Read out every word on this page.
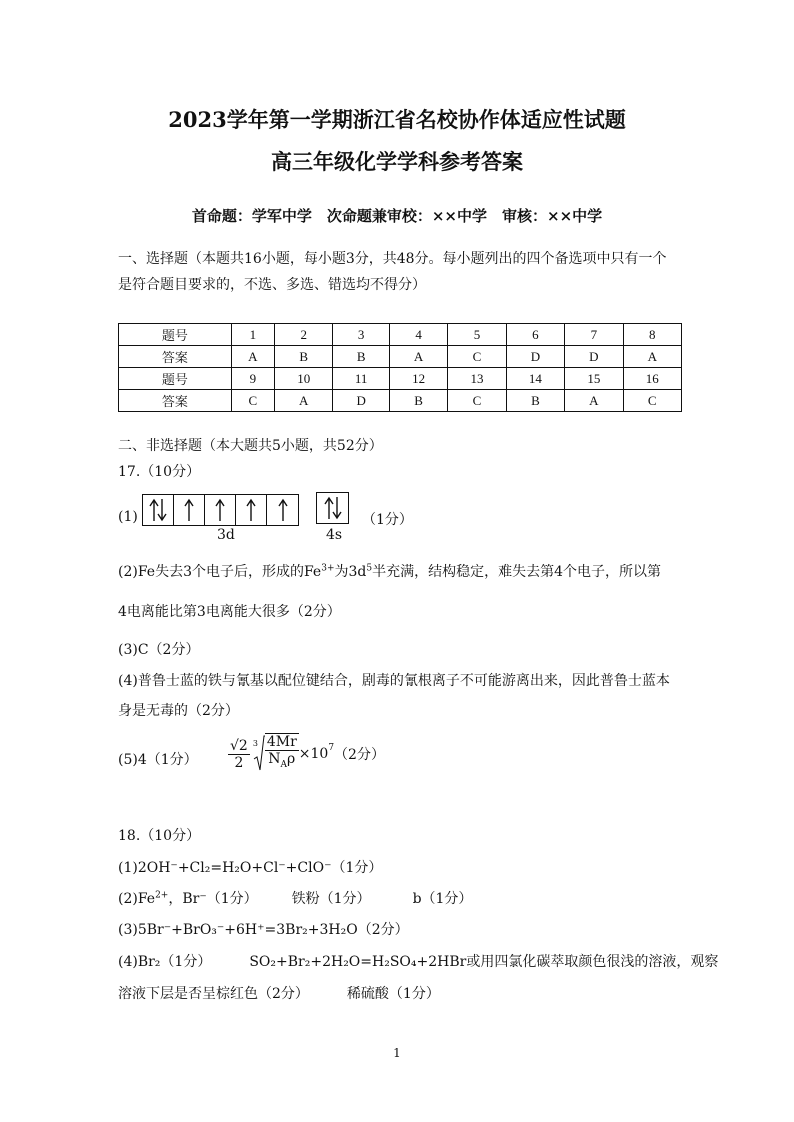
2023学年第一学期浙江省名校协作体适应性试题
高三年级化学学科参考答案
首命题：学军中学　次命题兼审校：××中学　审核：××中学
一、选择题（本题共16小题，每小题3分，共48分。每小题列出的四个备选项中只有一个
是符合题目要求的，不选、多选、错选均不得分）
题号	1	2	3	4	5	6	7	8
答案	A	B	B	A	C	D	D	A
题号	9	10	11	12	13	14	15	16
答案	C	A	D	B	C	B	A	C
二、非选择题（本大题共5小题，共52分）
17.（10分）
(1)
3d	4s
（1分）
(2)Fe失去3个电子后，形成的$Fe^{3+}$为$3d^5$半充满，结构稳定，难失去第4个电子，所以第
4电离能比第3电离能大很多（2分）
(3)C（2分）
(4)普鲁士蓝的铁与氰基以配位键结合，剧毒的氰根离子不可能游离出来，因此普鲁士蓝本
身是无毒的（2分）
(5)4（1分） $\frac{√2}{2} 3 \frac{4Mr}{N_A\rho} \times 10^7$ （2分）
18.（10分）
(1)2OH⁻+Cl₂=H₂O+Cl⁻+ClO⁻（1分）
$(2)Fe^{2+}$，Br⁻（1分） 铁粉（1分）	b（1分）
(3)5Br⁻+BrO₃⁻+6H⁺=3Br₂+3H₂O（2分）
(4)Br₂（1分）	SO₂+Br₂+2H₂O=H₂SO₄+2HBr或用四氯化碳萃取颜色很浅的溶液，观察
溶液下层是否呈棕红色（2分）	稀硫酸（1分）
1
